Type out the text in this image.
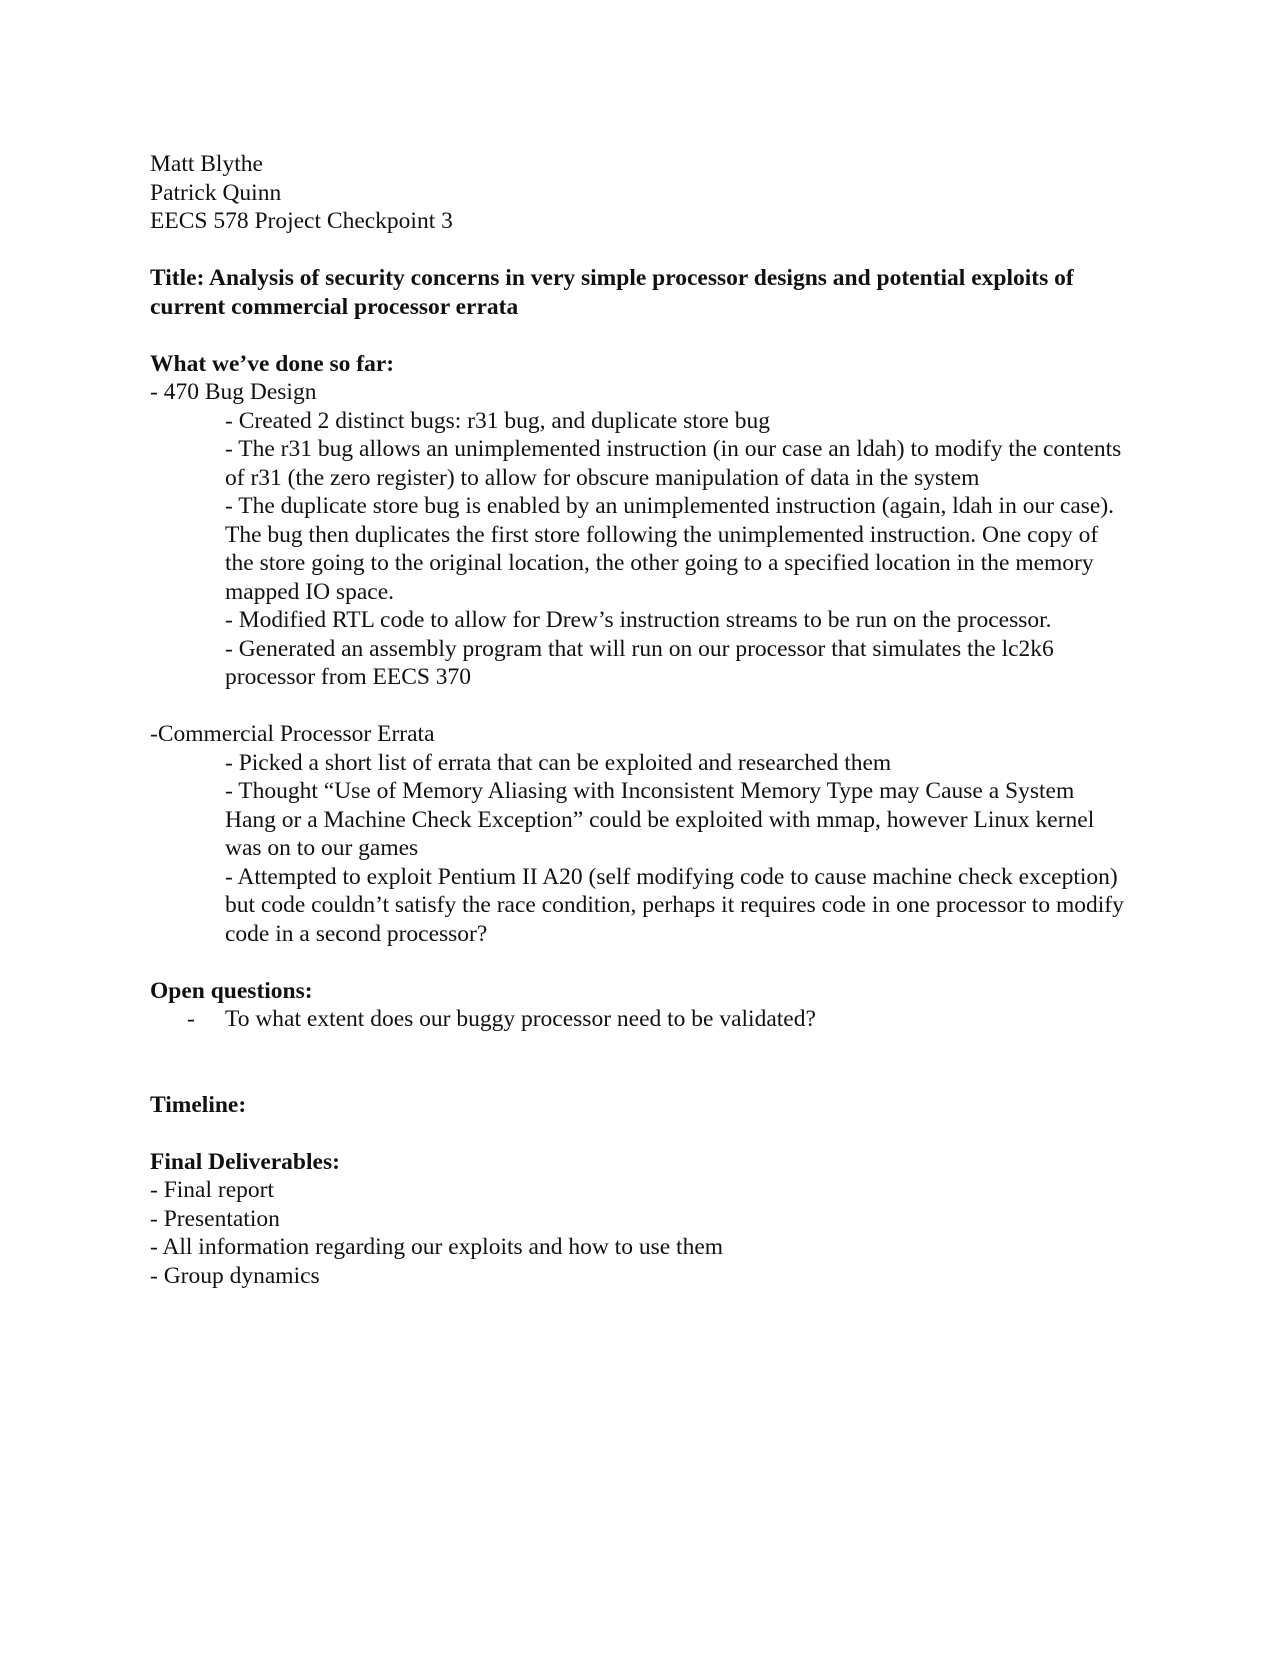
Matt Blythe
Patrick Quinn
EECS 578 Project Checkpoint 3
Title: Analysis of security concerns in very simple processor designs and potential exploits of current commercial processor errata
What we’ve done so far:
- 470 Bug Design
- Created 2 distinct bugs: r31 bug, and duplicate store bug
- The r31 bug allows an unimplemented instruction (in our case an ldah) to modify the contents of r31 (the zero register) to allow for obscure manipulation of data in the system
- The duplicate store bug is enabled by an unimplemented instruction (again, ldah in our case). The bug then duplicates the first store following the unimplemented instruction. One copy of the store going to the original location, the other going to a specified location in the memory mapped IO space.
- Modified RTL code to allow for Drew’s instruction streams to be run on the processor.
- Generated an assembly program that will run on our processor that simulates the lc2k6 processor from EECS 370
-Commercial Processor Errata
- Picked a short list of errata that can be exploited and researched them
- Thought “Use of Memory Aliasing with Inconsistent Memory Type may Cause a System Hang or a Machine Check Exception” could be exploited with mmap, however Linux kernel was on to our games
- Attempted to exploit Pentium II A20 (self modifying code to cause machine check exception) but code couldn’t satisfy the race condition, perhaps it requires code in one processor to modify code in a second processor?
Open questions:
-	To what extent does our buggy processor need to be validated?
Timeline:
Final Deliverables:
- Final report
- Presentation
- All information regarding our exploits and how to use them
- Group dynamics
